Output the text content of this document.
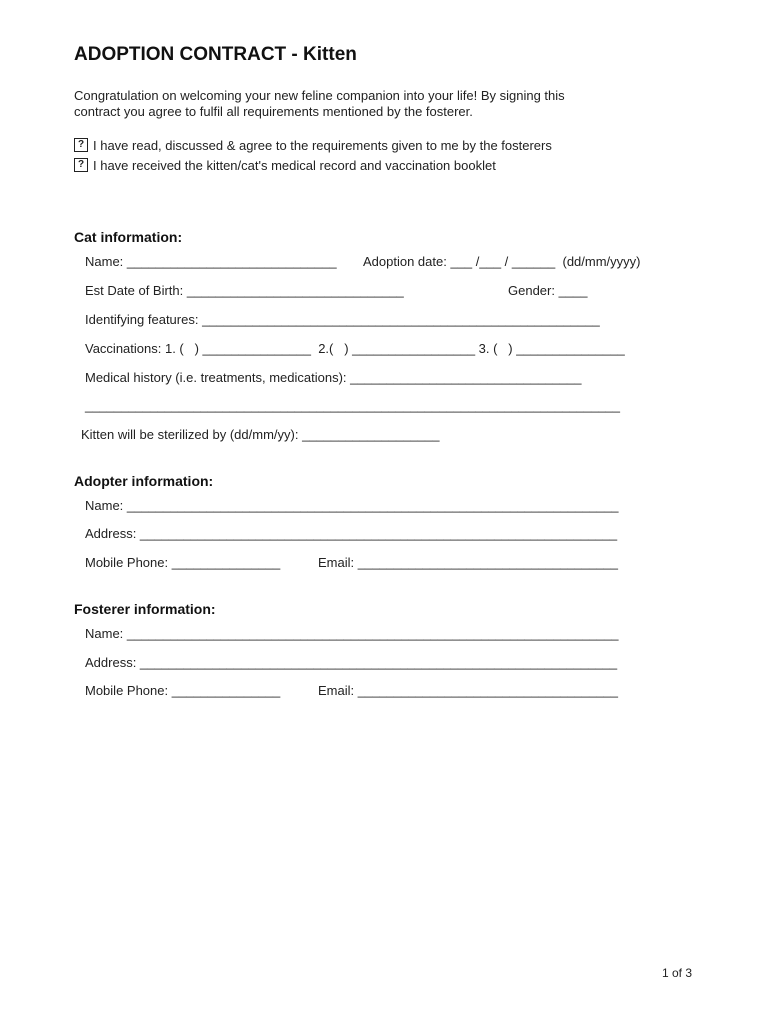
ADOPTION CONTRACT - Kitten
Congratulation on welcoming your new feline companion into your life! By signing this
contract you agree to fulfil all requirements mentioned by the fosterer.
? I have read, discussed & agree to the requirements given to me by the fosterers
? I have received the kitten/cat's medical record and vaccination booklet
Cat information:
Name: _____________________________ Adoption date: ___ /___ / ______  (dd/mm/yyyy)
Est Date of Birth: ______________________________	Gender: ____
Identifying features: _______________________________________________________
Vaccinations: 1. (   ) _______________  2.(   ) _________________ 3. (   ) _______________
Medical history (i.e. treatments, medications): ________________________________
__________________________________________________________________________
Kitten will be sterilized by (dd/mm/yy): ___________________
Adopter information:
Name: ____________________________________________________________________
Address: __________________________________________________________________
Mobile Phone: _______________	Email: ____________________________________
Fosterer information:
Name: ____________________________________________________________________
Address: __________________________________________________________________
Mobile Phone: _______________	Email: ____________________________________
1 of 3
